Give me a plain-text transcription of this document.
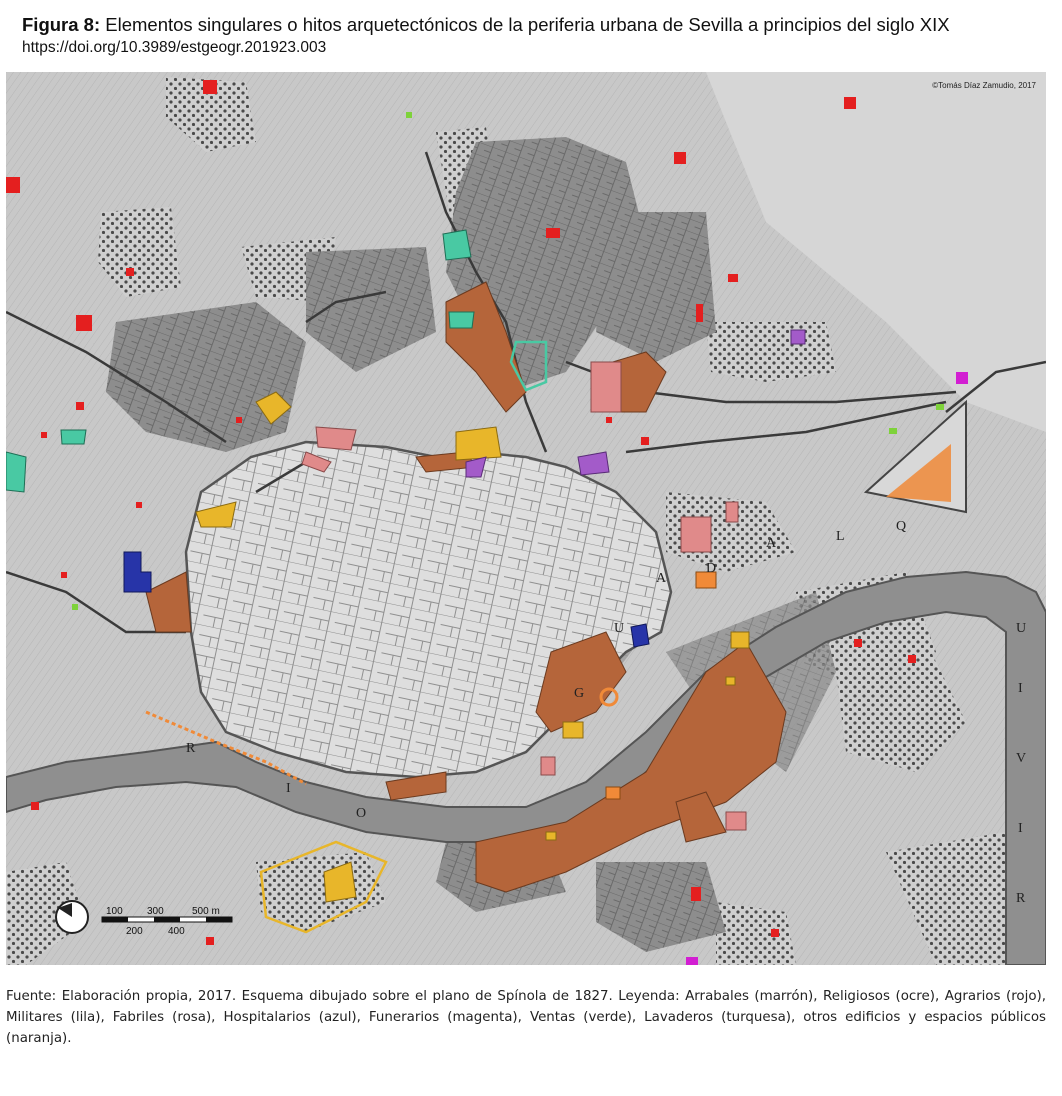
Figura 8: Elementos singulares o hitos arquetectónicos de la periferia urbana de Sevilla a principios del siglo XIX
https://doi.org/10.3989/estgeogr.201923.003
G
U
A
D
A	L
Q
U
I
V
I
R
R
I
O
©Tomás Díaz Zamudio, 2017
100 300	500 m
200	400
Fuente: Elaboración propia, 2017. Esquema dibujado sobre el plano de Spínola de 1827. Leyenda: Arrabales (marrón), Religiosos (ocre), Agrarios (rojo), Militares (lila), Fabriles (rosa), Hospitalarios (azul), Funerarios (magenta), Ventas (verde), Lavaderos (turquesa), otros edificios y espacios públicos (naranja).
